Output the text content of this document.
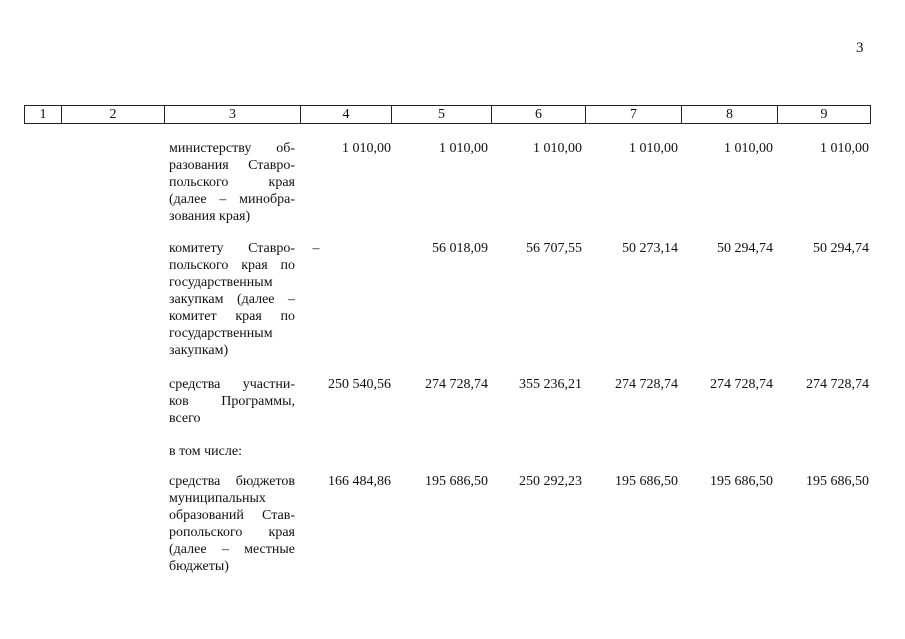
3
1	2	3	4	5	6	7	8	9
министерству об-разования Ставро-польского края (далее – минобра-зования края)
1 010,00	1 010,00	1 010,00	1 010,00	1 010,00	1 010,00
комитету Ставро-польского края по государственным закупкам (далее – комитет края по государственным закупкам)
–	56 018,09	56 707,55	50 273,14	50 294,74	50 294,74
средства участни-ков Программы, всего
250 540,56	274 728,74	355 236,21	274 728,74	274 728,74	274 728,74
в том числе:
средства бюджетов муниципальных образований Став-ропольского края (далее – местные бюджеты)
166 484,86	195 686,50	250 292,23	195 686,50	195 686,50	195 686,50
